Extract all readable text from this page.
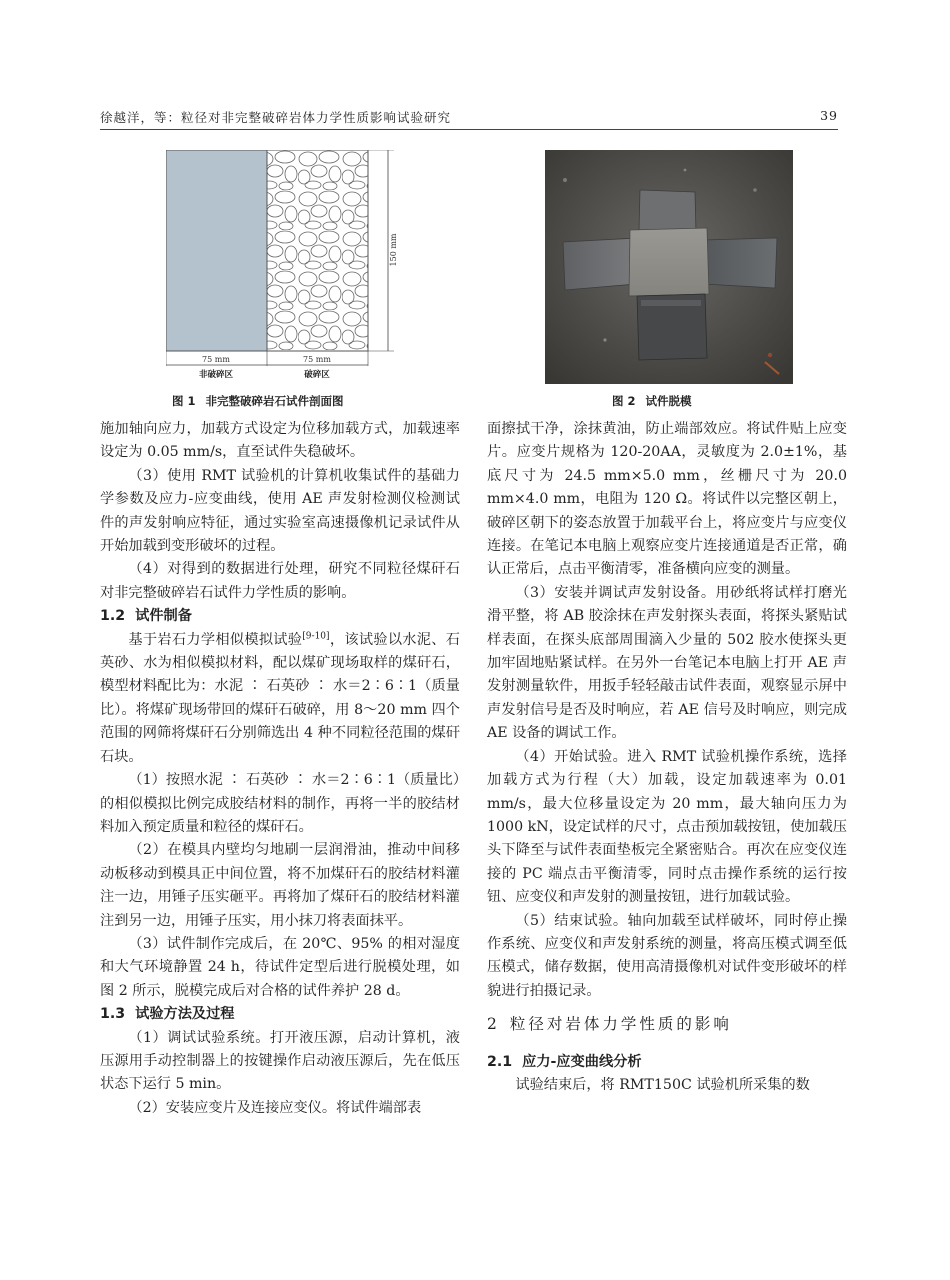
徐越洋，等：粒径对非完整破碎岩体力学性质影响试验研究	39
150 mm
75 mm	75 mm
非破碎区	破碎区
图 1 非完整破碎岩石试件剖面图	图 2 试件脱模

施加轴向应力，加载方式设定为位移加载方式，加载速率设定为 0.05 mm/s，直至试件失稳破坏。

（3）使用 RMT 试验机的计算机收集试件的基础力学参数及应力-应变曲线，使用 AE 声发射检测仪检测试件的声发射响应特征，通过实验室高速摄像机记录试件从开始加载到变形破坏的过程。

（4）对得到的数据进行处理，研究不同粒径煤矸石对非完整破碎岩石试件力学性质的影响。

1.2 试件制备

基于岩石力学相似模拟试验[9-10]，该试验以水泥、石英砂、水为相似模拟材料，配以煤矿现场取样的煤矸石，模型材料配比为：水泥 ∶ 石英砂 ∶ 水＝2∶6∶1（质量比）。将煤矿现场带回的煤矸石破碎，用 8～20 mm 四个范围的网筛将煤矸石分别筛选出 4 种不同粒径范围的煤矸石块。

（1）按照水泥 ∶ 石英砂 ∶ 水＝2∶6∶1（质量比）的相似模拟比例完成胶结材料的制作，再将一半的胶结材料加入预定质量和粒径的煤矸石。

（2）在模具内壁均匀地刷一层润滑油，推动中间移动板移动到模具正中间位置，将不加煤矸石的胶结材料灌注一边，用锤子压实砸平。再将加了煤矸石的胶结材料灌注到另一边，用锤子压实，用小抹刀将表面抹平。

（3）试件制作完成后，在 20℃、95% 的相对湿度和大气环境静置 24 h，待试件定型后进行脱模处理，如图 2 所示，脱模完成后对合格的试件养护 28 d。

1.3 试验方法及过程

（1）调试试验系统。打开液压源，启动计算机，液压源用手动控制器上的按键操作启动液压源后，先在低压状态下运行 5 min。

（2）安装应变片及连接应变仪。将试件端部表

面擦拭干净，涂抹黄油，防止端部效应。将试件贴上应变片。应变片规格为 120-20AA，灵敏度为 2.0±1%，基底尺寸为 24.5 mm×5.0 mm，丝栅尺寸为 20.0 mm×4.0 mm，电阻为 120 Ω。将试件以完整区朝上，破碎区朝下的姿态放置于加载平台上，将应变片与应变仪连接。在笔记本电脑上观察应变片连接通道是否正常，确认正常后，点击平衡清零，准备横向应变的测量。

（3）安装并调试声发射设备。用砂纸将试样打磨光滑平整，将 AB 胶涂抹在声发射探头表面，将探头紧贴试样表面，在探头底部周围滴入少量的 502 胶水使探头更加牢固地贴紧试样。在另外一台笔记本电脑上打开 AE 声发射测量软件，用扳手轻轻敲击试件表面，观察显示屏中声发射信号是否及时响应，若 AE 信号及时响应，则完成 AE 设备的调试工作。

（4）开始试验。进入 RMT 试验机操作系统，选择加载方式为行程（大）加载，设定加载速率为 0.01 mm/s，最大位移量设定为 20 mm，最大轴向压力为 1000 kN，设定试样的尺寸，点击预加载按钮，使加载压头下降至与试件表面垫板完全紧密贴合。再次在应变仪连接的 PC 端点击平衡清零，同时点击操作系统的运行按钮、应变仪和声发射的测量按钮，进行加载试验。

（5）结束试验。轴向加载至试样破坏，同时停止操作系统、应变仪和声发射系统的测量，将高压模式调至低压模式，储存数据，使用高清摄像机对试件变形破坏的样貌进行拍摄记录。

2 粒径对岩体力学性质的影响
2.1 应力-应变曲线分析

试验结束后，将 RMT150C 试验机所采集的数
